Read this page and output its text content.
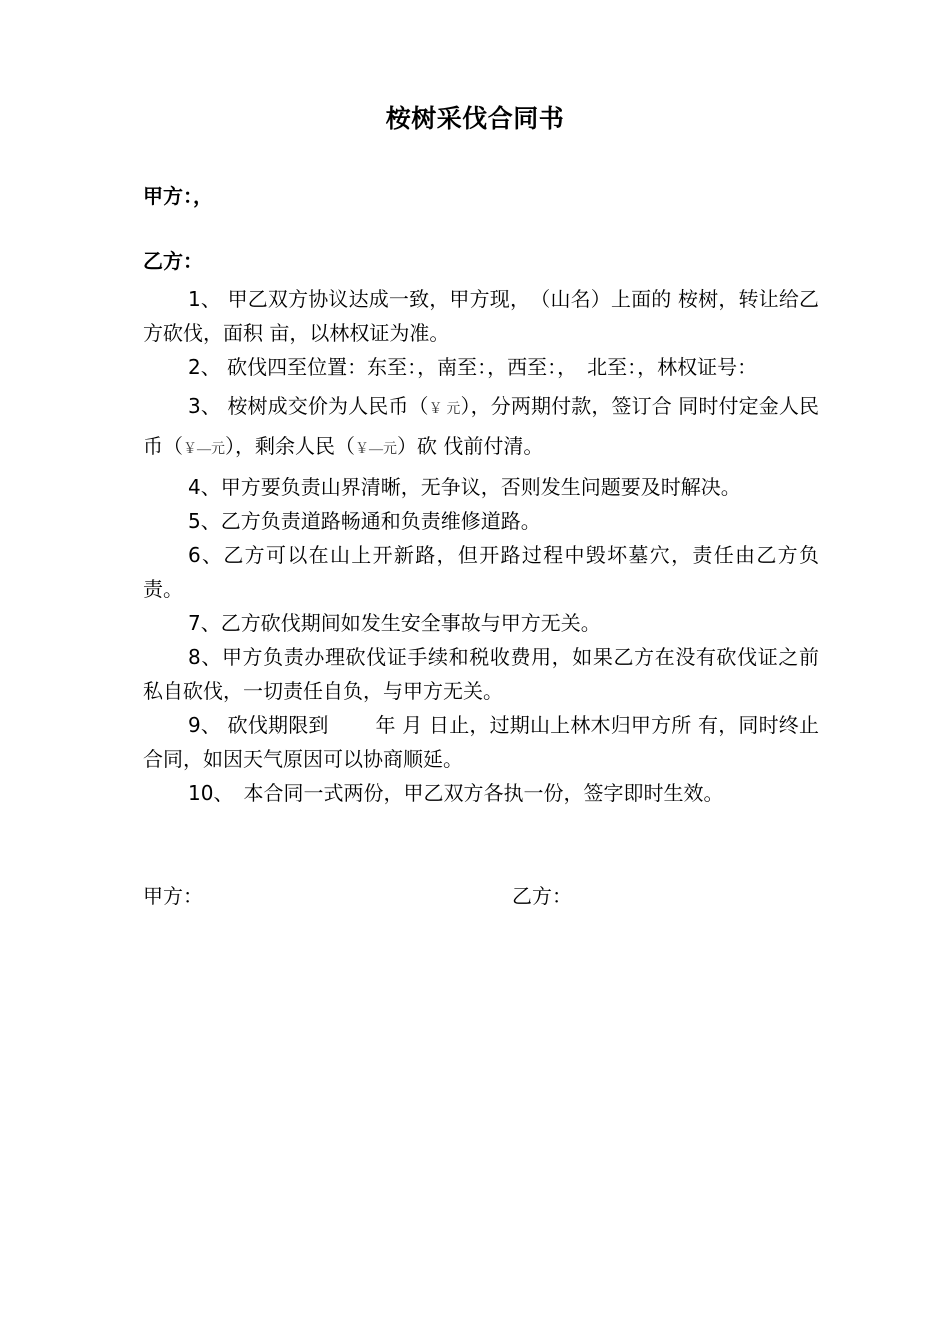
桉树采伐合同书
甲方：，
乙方：

1、 甲乙双方协议达成一致，甲方现，　（山名）上面的 桉树，转让给乙方砍伐，面积 亩，以林权证为准。

2、 砍伐四至位置：东至：，南至：，西至：，　北至：，林权证号：

3、 桉树成交价为人民币（￥ 元），分两期付款，签订合 同时付定金人民币（￥—元），剩余人民（￥—元）砍 伐前付清。

4、甲方要负责山界清晰，无争议，否则发生问题要及时解决。

5、乙方负责道路畅通和负责维修道路。

6、乙方可以在山上开新路，但开路过程中毁坏墓穴，责任由乙方负责。

7、乙方砍伐期间如发生安全事故与甲方无关。

8、甲方负责办理砍伐证手续和税收费用，如果乙方在没有砍伐证之前私自砍伐，一切责任自负，与甲方无关。

9、 砍伐期限到　　 年 月 日止，过期山上林木归甲方所 有，同时终止合同，如因天气原因可以协商顺延。

10、　本合同一式两份，甲乙双方各执一份，签字即时生效。

甲方：	乙方：
